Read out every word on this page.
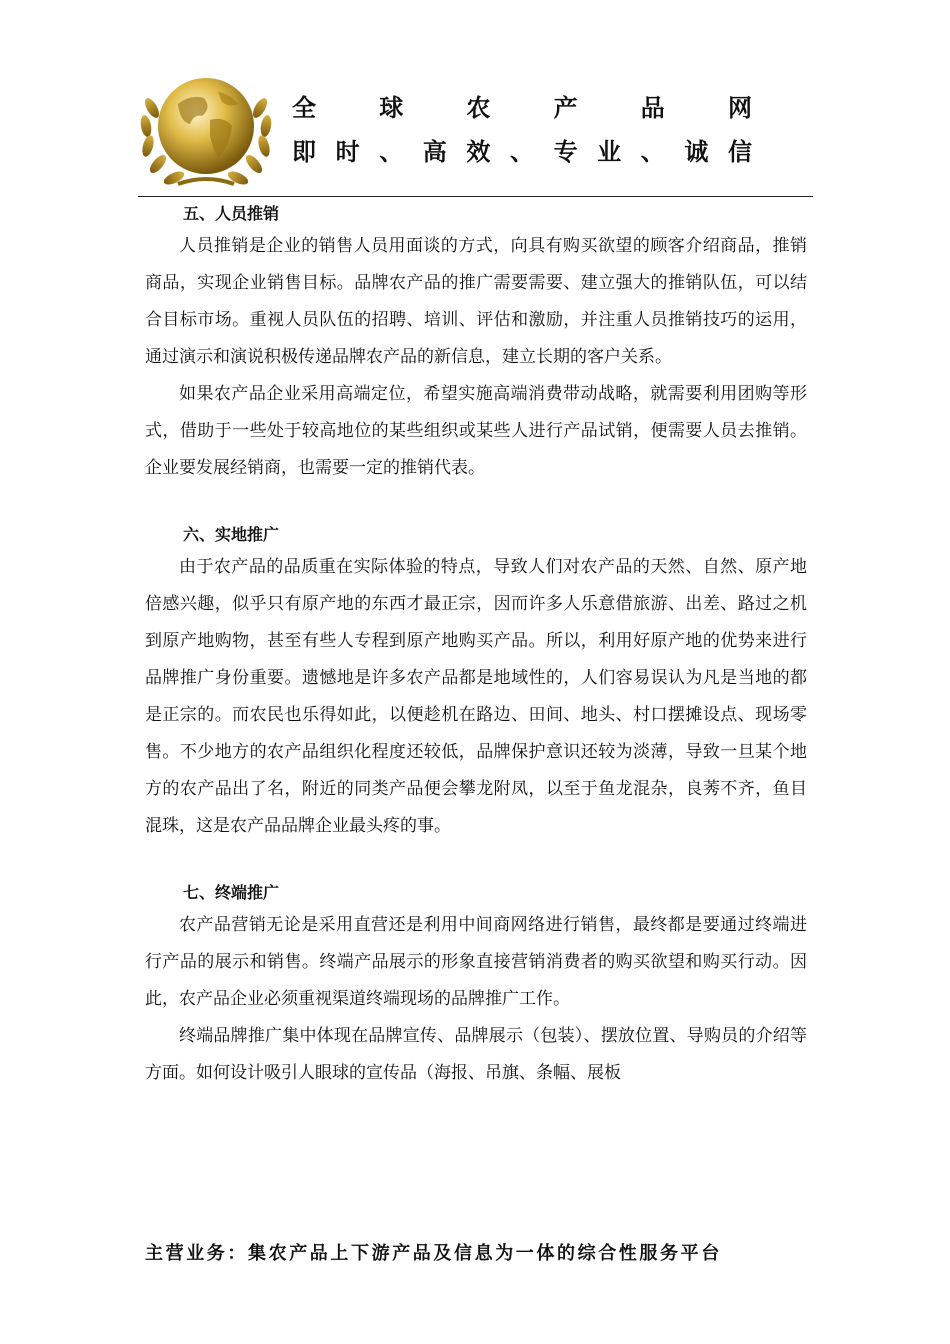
全	球	农	产	品	网
即 时 、 高 效 、 专 业 、 诚 信
五、人员推销

人员推销是企业的销售人员用面谈的方式，向具有购买欲望的顾客介绍商品，推销商品，实现企业销售目标。品牌农产品的推广需要需要、建立强大的推销队伍，可以结合目标市场。重视人员队伍的招聘、培训、评估和激励，并注重人员推销技巧的运用，通过演示和演说积极传递品牌农产品的新信息，建立长期的客户关系。

如果农产品企业采用高端定位，希望实施高端消费带动战略，就需要利用团购等形式，借助于一些处于较高地位的某些组织或某些人进行产品试销，便需要人员去推销。企业要发展经销商，也需要一定的推销代表。

六、实地推广

由于农产品的品质重在实际体验的特点，导致人们对农产品的天然、自然、原产地倍感兴趣，似乎只有原产地的东西才最正宗，因而许多人乐意借旅游、出差、路过之机到原产地购物，甚至有些人专程到原产地购买产品。所以，利用好原产地的优势来进行品牌推广身份重要。遗憾地是许多农产品都是地域性的，人们容易误认为凡是当地的都是正宗的。而农民也乐得如此，以便趁机在路边、田间、地头、村口摆摊设点、现场零售。不少地方的农产品组织化程度还较低，品牌保护意识还较为淡薄，导致一旦某个地方的农产品出了名，附近的同类产品便会攀龙附凤，以至于鱼龙混杂，良莠不齐，鱼目混珠，这是农产品品牌企业最头疼的事。

七、终端推广

农产品营销无论是采用直营还是利用中间商网络进行销售，最终都是要通过终端进行产品的展示和销售。终端产品展示的形象直接营销消费者的购买欲望和购买行动。因此，农产品企业必须重视渠道终端现场的品牌推广工作。

终端品牌推广集中体现在品牌宣传、品牌展示（包装）、摆放位置、导购员的介绍等方面。如何设计吸引人眼球的宣传品（海报、吊旗、条幅、展板

主营业务：集农产品上下游产品及信息为一体的综合性服务平台
